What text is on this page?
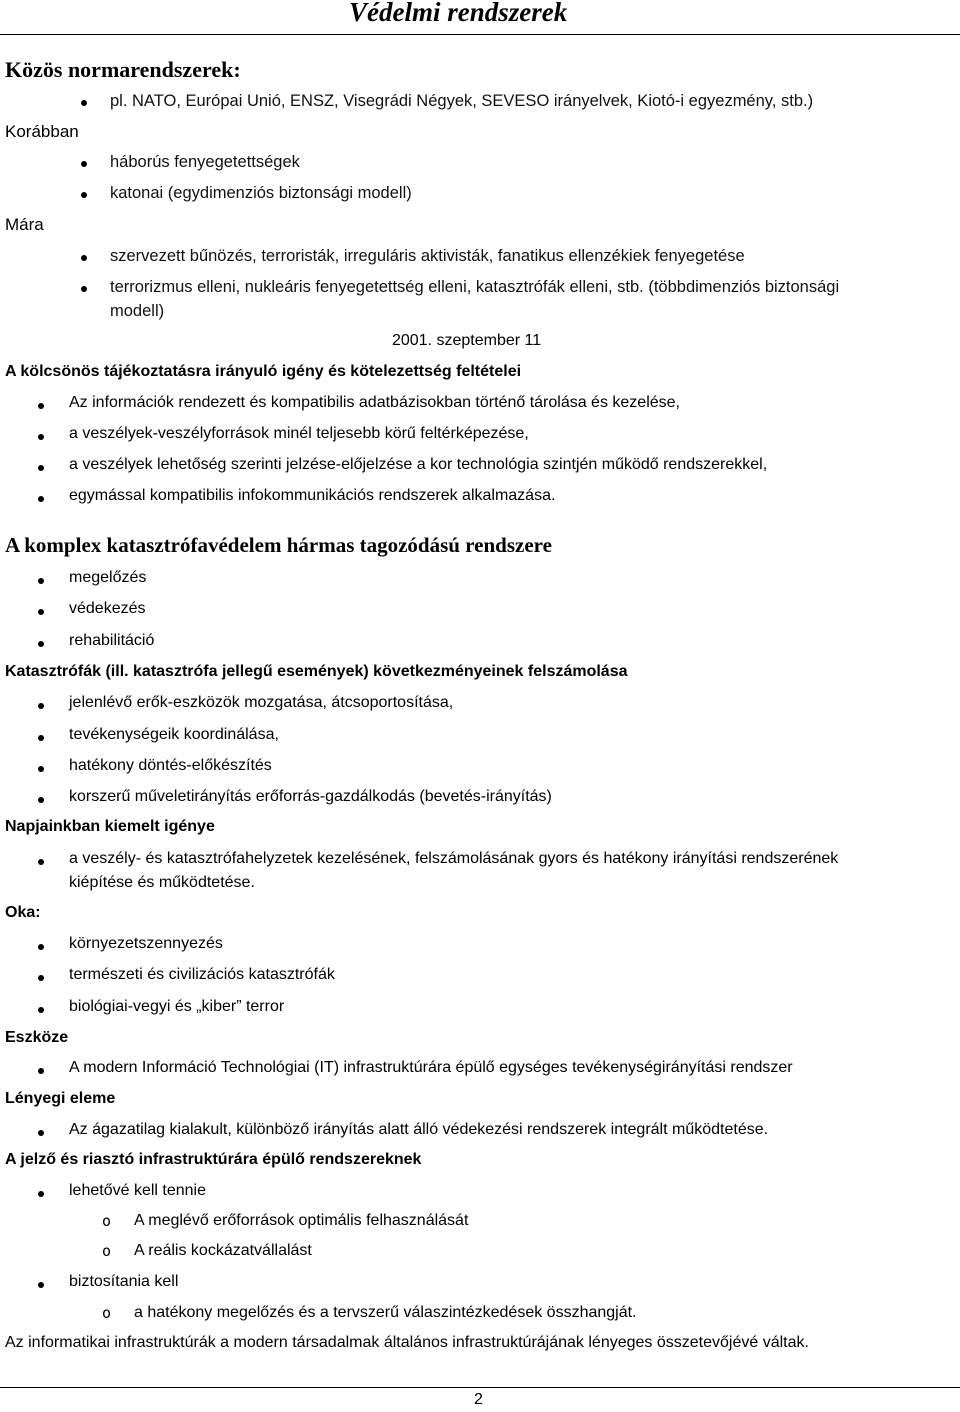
Védelmi rendszerek
Közös normarendszerek:
pl. NATO, Európai Unió, ENSZ, Visegrádi Négyek, SEVESO irányelvek, Kiotó-i egyezmény, stb.)
Korábban
háborús fenyegetettségek
katonai (egydimenziós biztonsági modell)
Mára
szervezett bűnözés, terroristák, irreguláris aktivisták, fanatikus ellenzékiek fenyegetése
terrorizmus elleni, nukleáris fenyegetettség elleni, katasztrófák elleni, stb. (többdimenziós biztonsági
modell)
2001. szeptember 11
A kölcsönös tájékoztatásra irányuló igény és kötelezettség feltételei
Az információk rendezett és kompatibilis adatbázisokban történő tárolása és kezelése,
a veszélyek-veszélyforrások minél teljesebb körű feltérképezése,
a veszélyek lehetőség szerinti jelzése-előjelzése a kor technológia szintjén működő rendszerekkel,
egymással kompatibilis infokommunikációs rendszerek alkalmazása.
A komplex katasztrófavédelem hármas tagozódású rendszere
megelőzés
védekezés
rehabilitáció
Katasztrófák (ill. katasztrófa jellegű események) következményeinek felszámolása
jelenlévő erők-eszközök mozgatása, átcsoportosítása,
tevékenységeik koordinálása,
hatékony döntés-előkészítés
korszerű műveletirányítás erőforrás-gazdálkodás (bevetés-irányítás)
Napjainkban kiemelt igénye
a veszély- és katasztrófahelyzetek kezelésének, felszámolásának gyors és hatékony irányítási rendszerének
kiépítése és működtetése.
Oka:
környezetszennyezés
természeti és civilizációs katasztrófák
biológiai-vegyi és „kiber” terror
Eszköze
A modern Információ Technológiai (IT) infrastruktúrára épülő egységes tevékenységirányítási rendszer
Lényegi eleme
Az ágazatilag kialakult, különböző irányítás alatt álló védekezési rendszerek integrált működtetése.
A jelző és riasztó infrastruktúrára épülő rendszereknek
lehetővé kell tennie
o A meglévő erőforrások optimális felhasználását
o A reális kockázatvállalást
biztosítania kell
o a hatékony megelőzés és a tervszerű válaszintézkedések összhangját.
Az informatikai infrastruktúrák a modern társadalmak általános infrastruktúrájának lényeges összetevőjévé váltak.
2
